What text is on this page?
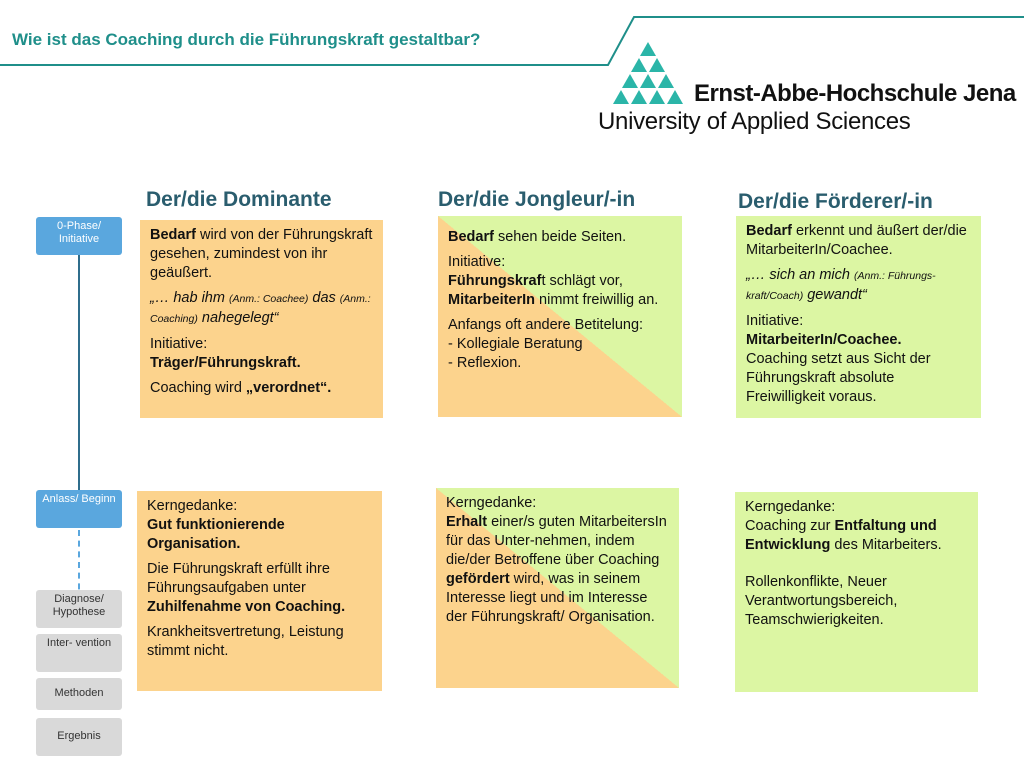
Wie ist das Coaching durch die Führungskraft gestaltbar?
Ernst-Abbe-Hochschule Jena
University of Applied Sciences
Der/die Dominante	Der/die Jongleur/-in	Der/die Förderer/-in
0-Phase/ Initiative
Anlass/ Beginn
Diagnose/ Hypothese
Inter- vention
Methoden
Ergebnis

Bedarf wird von der Führungskraft gesehen, zumindest von ihr geäußert.

„… hab ihm (Anm.: Coachee) das (Anm.: Coaching) nahegelegt“

Initiative:
Träger/Führungskraft.

Coaching wird „verordnet“.

Bedarf sehen beide Seiten.

Initiative:
Führungskraft schlägt vor,
MitarbeiterIn nimmt freiwillig an.

Anfangs oft andere Betitelung:
- Kollegiale Beratung
- Reflexion.

Bedarf erkennt und äußert der/die MitarbeiterIn/Coachee.

„… sich an mich (Anm.: Führungs-kraft/Coach) gewandt“

Initiative:
MitarbeiterIn/Coachee.
Coaching setzt aus Sicht der Führungskraft absolute Freiwilligkeit voraus.

Kerngedanke:
Gut funktionierende Organisation.

Die Führungskraft erfüllt ihre Führungsaufgaben unter Zuhilfenahme von Coaching.

Krankheitsvertretung, Leistung stimmt nicht.

Kerngedanke:
Erhalt einer/s guten MitarbeitersIn für das Unter-nehmen, indem die/der Betroffene über Coaching gefördert wird, was in seinem Interesse liegt und im Interesse der Führungskraft/ Organisation.

Kerngedanke:
Coaching zur Entfaltung und Entwicklung des Mitarbeiters.

Rollenkonflikte, Neuer Verantwortungsbereich, Teamschwierigkeiten.
